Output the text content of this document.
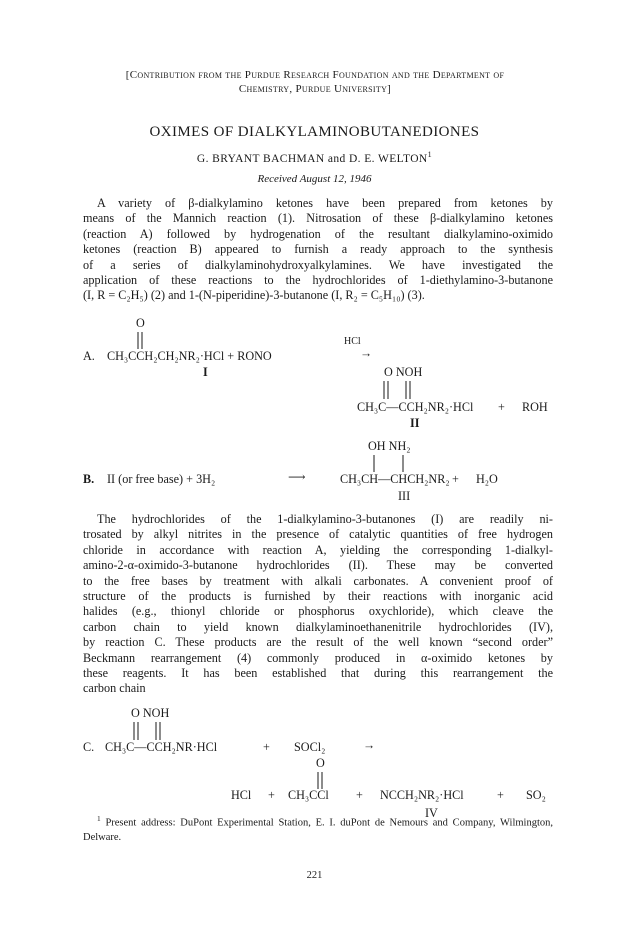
[Contribution from the Purdue Research Foundation and the Department of
Chemistry, Purdue University]
OXIMES OF DIALKYLAMINOBUTANEDIONES
G. BRYANT BACHMAN and D. E. WELTON$^1$
Received August 12, 1946
A variety of β-dialkylamino ketones have been prepared from ketones by
means of the Mannich reaction (1). Nitrosation of these β-dialkylamino ketones
(reaction A) followed by hydrogenation of the resultant dialkylamino-oximido
ketones (reaction B) appeared to furnish a ready approach to the synthesis
of a series of dialkylaminohydroxyalkylamines. We have investigated the
application of these reactions to the hydrochlorides of 1-diethylamino-3-butanone
(I, R = C₂H₅) (2) and 1-(N-piperidine)-3-butanone (I, R₂ = C₅H₁₀) (3).
O
A. CH₃CCH₂CH₂NR₂·HCl + RONO
HCl
→
I	O NOH
CH₃C—CCH₂NR₂·HCl + ROH
II
OH NH₂
B. II (or free base) + 3H₂	⟶	CH₃CH—CHCH₂NR₂ + H₂O
III
The hydrochlorides of the 1-dialkylamino-3-butanones (I) are readily ni-
trosated by alkyl nitrites in the presence of catalytic quantities of free hydrogen
chloride in accordance with reaction A, yielding the corresponding 1-dialkyl-
amino-2-α-oximido-3-butanone hydrochlorides (II). These may be converted
to the free bases by treatment with alkali carbonates. A convenient proof of
structure of the products is furnished by their reactions with inorganic acid
halides (e.g., thionyl chloride or phosphorus oxychloride), which cleave the
carbon chain to yield known dialkylaminoethanenitrile hydrochlorides (IV),
by reaction C. These products are the result of the well known “second order”
Beckmann rearrangement (4) commonly produced in α-oximido ketones by
these reagents. It has been established that during this rearrangement the
carbon chain
O NOH
C. CH₃C—CCH₂NR·HCl	+ SOCl₂	→
O
HCl + CH₃CCl + NCCH₂NR₂·HCl	+ SO₂
IV
$^1$ Present address: DuPont Experimental Station, E. I. duPont de Nemours and Company, Wilmington, Delware.
221
